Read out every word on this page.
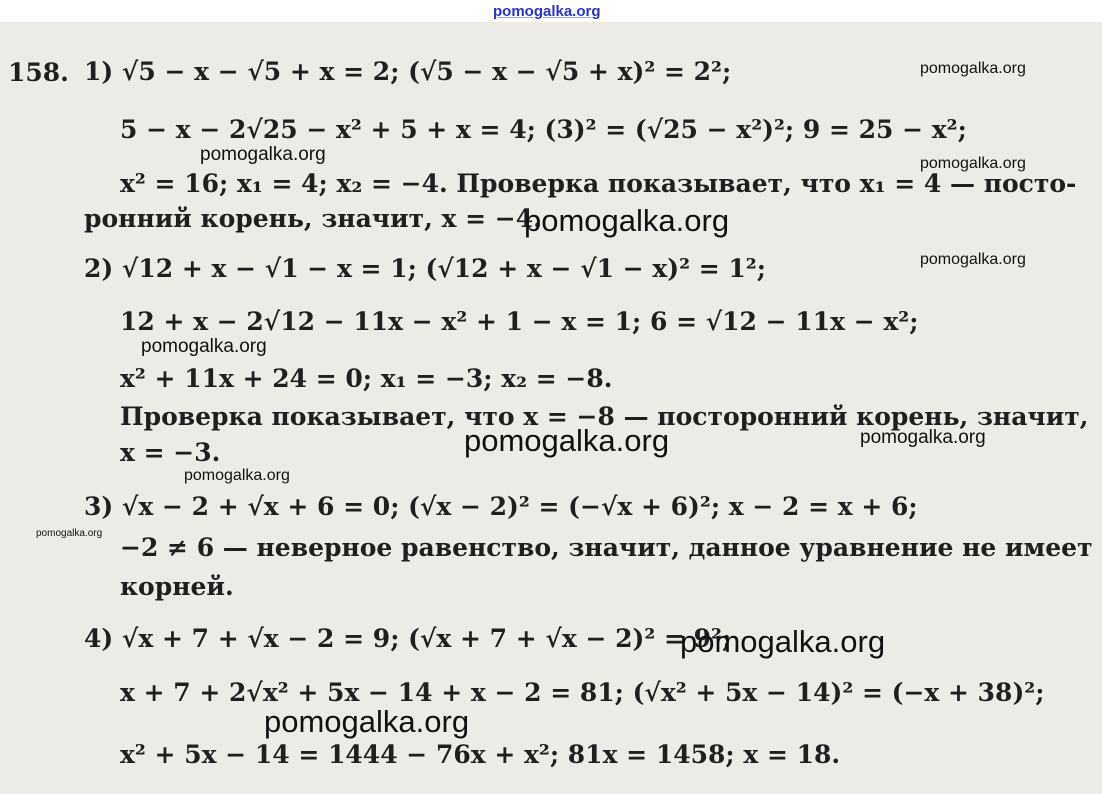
pomogalka.org
158. 1) √5 − x − √5 + x = 2; (√5 − x − √5 + x)² = 2²;
5 − x − 2√25 − x² + 5 + x = 4; (3)² = (√25 − x²)²; 9 = 25 − x²;
x² = 16; x₁ = 4; x₂ = −4. Проверка показывает, что x₁ = 4 — посто-
ронний корень, значит, x = −4.
2) √12 + x − √1 − x = 1; (√12 + x − √1 − x)² = 1²;
12 + x − 2√12 − 11x − x² + 1 − x = 1; 6 = √12 − 11x − x²;
x² + 11x + 24 = 0; x₁ = −3; x₂ = −8.
Проверка показывает, что x = −8 — посторонний корень, значит,
x = −3.
3) √x − 2 + √x + 6 = 0; (√x − 2)² = (−√x + 6)²; x − 2 = x + 6;
−2 ≠ 6 — неверное равенство, значит, данное уравнение не имеет
корней.
4) √x + 7 + √x − 2 = 9; (√x + 7 + √x − 2)² = 9²;
x + 7 + 2√x² + 5x − 14 + x − 2 = 81; (√x² + 5x − 14)² = (−x + 38)²;
x² + 5x − 14 = 1444 − 76x + x²; 81x = 1458; x = 18.
pomogalka.org
pomogalka.org	pomogalka.org
pomogalka.org
pomogalka.org
pomogalka.org
pomogalka.org	pomogalka.org
pomogalka.org
pomogalka.org
pomogalka.org
pomogalka.org
